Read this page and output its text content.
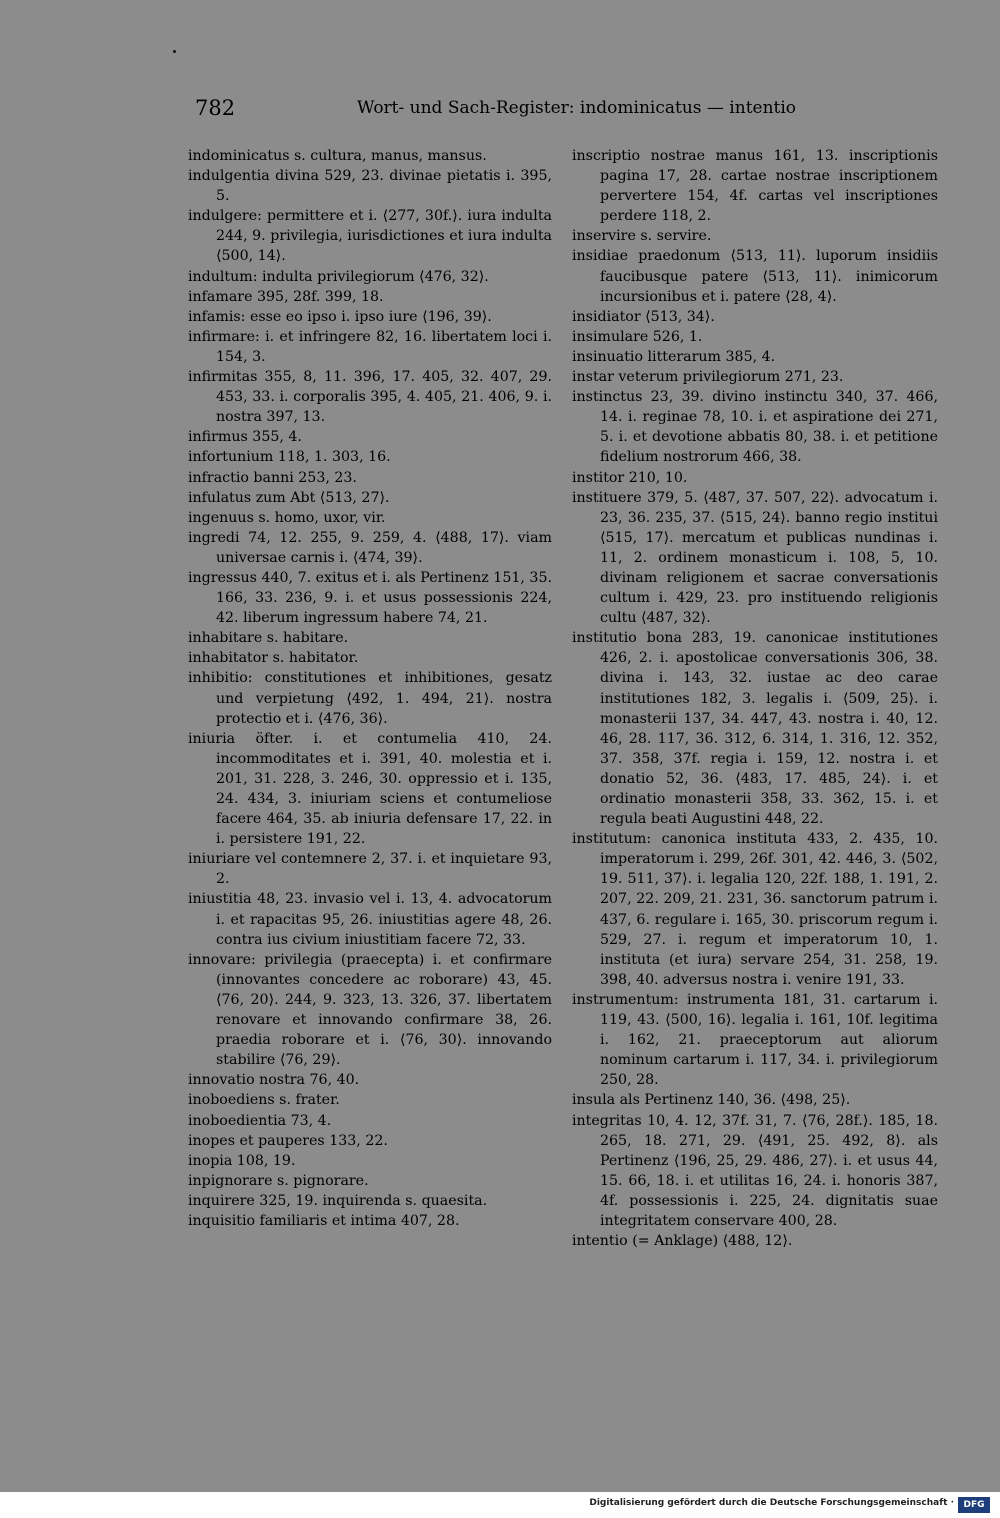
782	Wort- und Sach-Register: indominicatus — intentio
indominicatus s. cultura, manus, mansus.
indulgentia divina 529, 23. divinae pietatis i. 395, 5.
indulgere: permittere et i. ⟨277, 30f.⟩. iura indulta 244, 9. privilegia, iurisdictiones et iura indulta ⟨500, 14⟩.
indultum: indulta privilegiorum ⟨476, 32⟩.
infamare 395, 28f. 399, 18.
infamis: esse eo ipso i. ipso iure ⟨196, 39⟩.
infirmare: i. et infringere 82, 16. libertatem loci i. 154, 3.
infirmitas 355, 8, 11. 396, 17. 405, 32. 407, 29. 453, 33. i. corporalis 395, 4. 405, 21. 406, 9. i. nostra 397, 13.
infirmus 355, 4.
infortunium 118, 1. 303, 16.
infractio banni 253, 23.
infulatus zum Abt ⟨513, 27⟩.
ingenuus s. homo, uxor, vir.
ingredi 74, 12. 255, 9. 259, 4. ⟨488, 17⟩. viam universae carnis i. ⟨474, 39⟩.
ingressus 440, 7. exitus et i. als Pertinenz 151, 35. 166, 33. 236, 9. i. et usus possessionis 224, 42. liberum ingressum habere 74, 21.
inhabitare s. habitare.
inhabitator s. habitator.
inhibitio: constitutiones et inhibitiones, gesatz und verpietung ⟨492, 1. 494, 21⟩. nostra protectio et i. ⟨476, 36⟩.
iniuria öfter. i. et contumelia 410, 24. incommoditates et i. 391, 40. molestia et i. 201, 31. 228, 3. 246, 30. oppressio et i. 135, 24. 434, 3. iniuriam sciens et contumeliose facere 464, 35. ab iniuria defensare 17, 22. in i. persistere 191, 22.
iniuriare vel contemnere 2, 37. i. et inquietare 93, 2.
iniustitia 48, 23. invasio vel i. 13, 4. advocatorum i. et rapacitas 95, 26. iniustitias agere 48, 26. contra ius civium iniustitiam facere 72, 33.
innovare: privilegia (praecepta) i. et confirmare (innovantes concedere ac roborare) 43, 45. ⟨76, 20⟩. 244, 9. 323, 13. 326, 37. libertatem renovare et innovando confirmare 38, 26. praedia roborare et i. ⟨76, 30⟩. innovando stabilire ⟨76, 29⟩.
innovatio nostra 76, 40.
inoboediens s. frater.
inoboedientia 73, 4.
inopes et pauperes 133, 22.
inopia 108, 19.
inpignorare s. pignorare.
inquirere 325, 19. inquirenda s. quaesita.
inquisitio familiaris et intima 407, 28.
inscriptio nostrae manus 161, 13. inscriptionis pagina 17, 28. cartae nostrae inscriptionem pervertere 154, 4f. cartas vel inscriptiones perdere 118, 2.
inservire s. servire.
insidiae praedonum ⟨513, 11⟩. luporum insidiis faucibusque patere ⟨513, 11⟩. inimicorum incursionibus et i. patere ⟨28, 4⟩.
insidiator ⟨513, 34⟩.
insimulare 526, 1.
insinuatio litterarum 385, 4.
instar veterum privilegiorum 271, 23.
instinctus 23, 39. divino instinctu 340, 37. 466, 14. i. reginae 78, 10. i. et aspiratione dei 271, 5. i. et devotione abbatis 80, 38. i. et petitione fidelium nostrorum 466, 38.
institor 210, 10.
instituere 379, 5. ⟨487, 37. 507, 22⟩. advocatum i. 23, 36. 235, 37. ⟨515, 24⟩. banno regio institui ⟨515, 17⟩. mercatum et publicas nundinas i. 11, 2. ordinem monasticum i. 108, 5, 10. divinam religionem et sacrae conversationis cultum i. 429, 23. pro instituendo religionis cultu ⟨487, 32⟩.
institutio bona 283, 19. canonicae institutiones 426, 2. i. apostolicae conversationis 306, 38. divina i. 143, 32. iustae ac deo carae institutiones 182, 3. legalis i. ⟨509, 25⟩. i. monasterii 137, 34. 447, 43. nostra i. 40, 12. 46, 28. 117, 36. 312, 6. 314, 1. 316, 12. 352, 37. 358, 37f. regia i. 159, 12. nostra i. et donatio 52, 36. ⟨483, 17. 485, 24⟩. i. et ordinatio monasterii 358, 33. 362, 15. i. et regula beati Augustini 448, 22.
institutum: canonica instituta 433, 2. 435, 10. imperatorum i. 299, 26f. 301, 42. 446, 3. ⟨502, 19. 511, 37⟩. i. legalia 120, 22f. 188, 1. 191, 2. 207, 22. 209, 21. 231, 36. sanctorum patrum i. 437, 6. regulare i. 165, 30. priscorum regum i. 529, 27. i. regum et imperatorum 10, 1. instituta (et iura) servare 254, 31. 258, 19. 398, 40. adversus nostra i. venire 191, 33.
instrumentum: instrumenta 181, 31. cartarum i. 119, 43. ⟨500, 16⟩. legalia i. 161, 10f. legitima i. 162, 21. praeceptorum aut aliorum nominum cartarum i. 117, 34. i. privilegiorum 250, 28.
insula als Pertinenz 140, 36. ⟨498, 25⟩.
integritas 10, 4. 12, 37f. 31, 7. ⟨76, 28f.⟩. 185, 18. 265, 18. 271, 29. ⟨491, 25. 492, 8⟩. als Pertinenz ⟨196, 25, 29. 486, 27⟩. i. et usus 44, 15. 66, 18. i. et utilitas 16, 24. i. honoris 387, 4f. possessionis i. 225, 24. dignitatis suae integritatem conservare 400, 28.
intentio (= Anklage) ⟨488, 12⟩.
Digitalisierung gefördert durch die Deutsche Forschungsgemeinschaft ·	DFG
